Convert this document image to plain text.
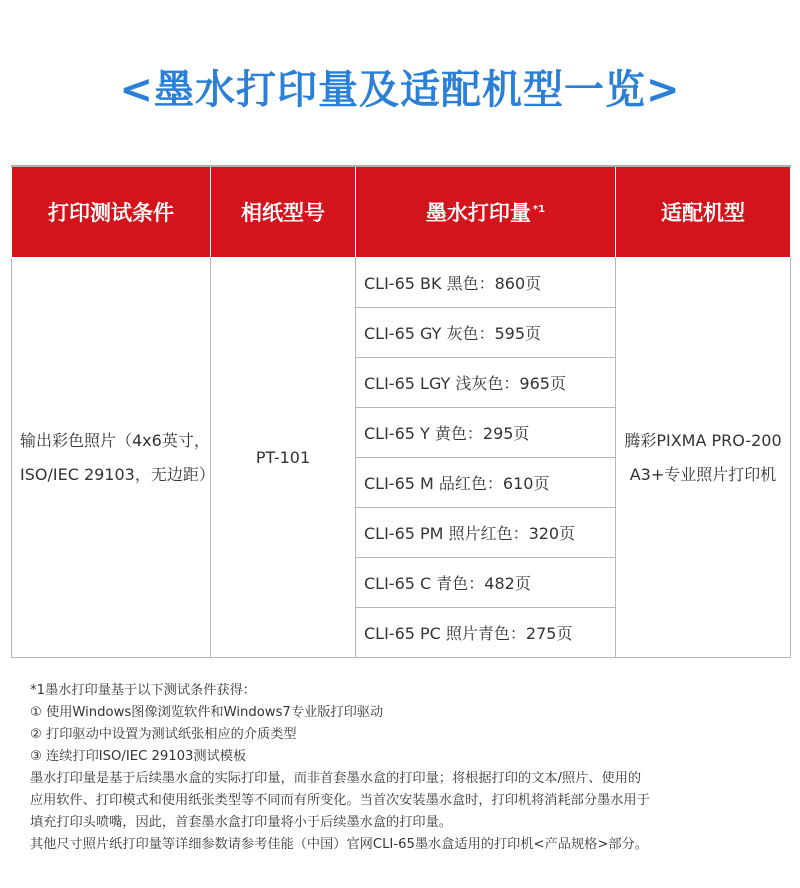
<墨水打印量及适配机型一览>
打印测试条件	相纸型号	墨水打印量 $^{*1}$	适配机型
输出彩色照片（4x6英寸，
ISO/IEC 29103，无边距）	PT-101	CLI-65 BK 黑色：860页	腾彩PIXMA PRO-200
A3+专业照片打印机
		CLI-65 GY 灰色：595页	
		CLI-65 LGY 浅灰色：965页	
		CLI-65 Y 黄色：295页	
		CLI-65 M 品红色：610页	
		CLI-65 PM 照片红色：320页	
		CLI-65 C 青色：482页	
		CLI-65 PC 照片青色：275页	
*1墨水打印量基于以下测试条件获得：
① 使用Windows图像浏览软件和Windows7专业版打印驱动
② 打印驱动中设置为测试纸张相应的介质类型
③ 连续打印ISO/IEC 29103测试模板
墨水打印量是基于后续墨水盒的实际打印量，而非首套墨水盒的打印量；将根据打印的文本/照片、使用的
应用软件、打印模式和使用纸张类型等不同而有所变化。当首次安装墨水盒时，打印机将消耗部分墨水用于
填充打印头喷嘴，因此，首套墨水盒打印量将小于后续墨水盒的打印量。
其他尺寸照片纸打印量等详细参数请参考佳能（中国）官网CLI-65墨水盒适用的打印机<产品规格>部分。
